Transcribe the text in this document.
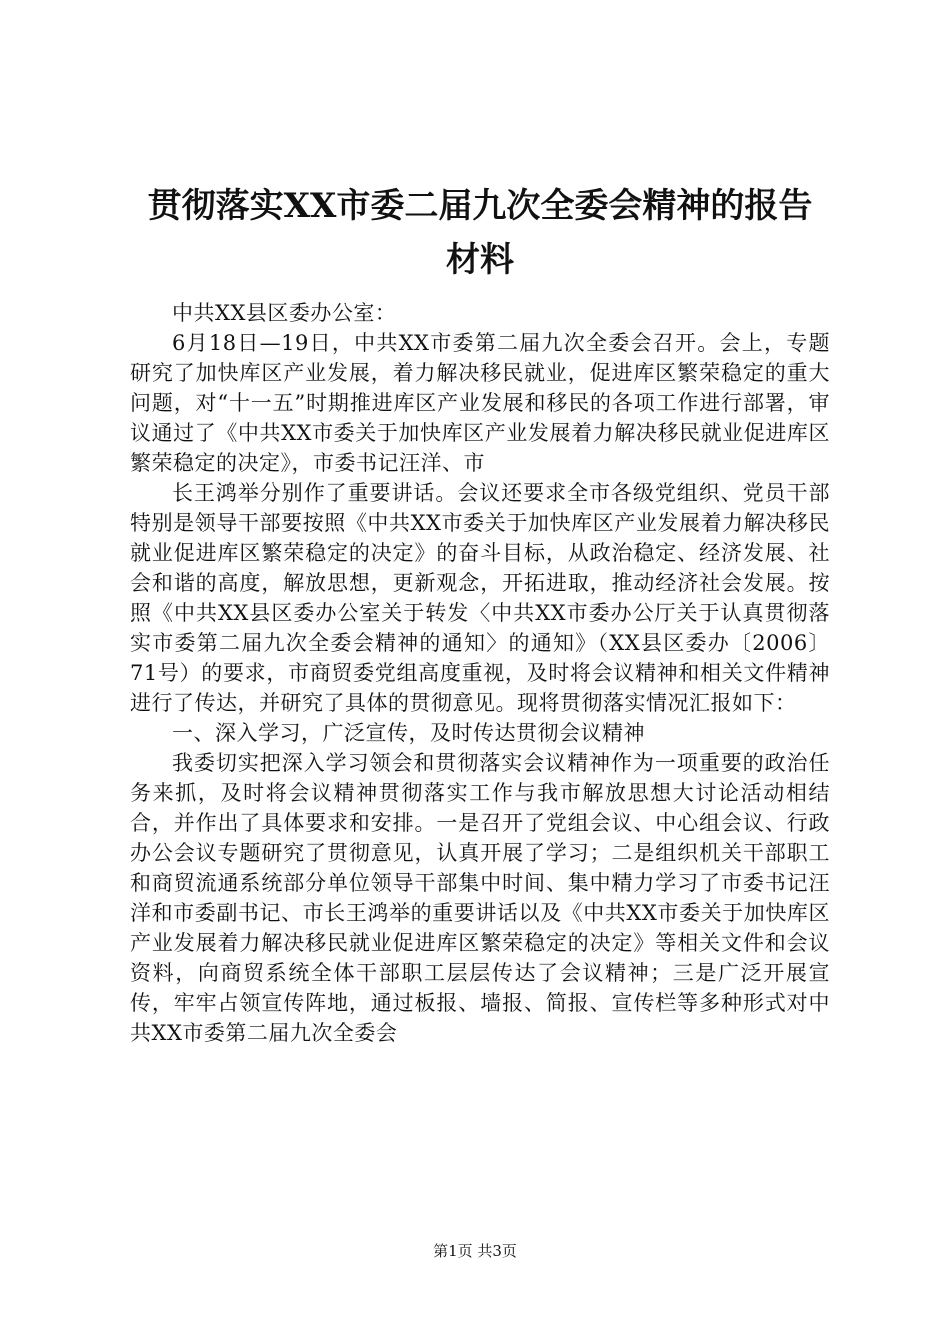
贯彻落实XX市委二届九次全委会精神的报告
材料

中共XX县区委办公室：

6月18日—19日，中共XX市委第二届九次全委会召开。会上，专题研究了加快库区产业发展，着力解决移民就业，促进库区繁荣稳定的重大问题，对“十一五”时期推进库区产业发展和移民的各项工作进行部署，审议通过了《中共XX市委关于加快库区产业发展着力解决移民就业促进库区繁荣稳定的决定》，市委书记汪洋、市

长王鸿举分别作了重要讲话。会议还要求全市各级党组织、党员干部特别是领导干部要按照《中共XX市委关于加快库区产业发展着力解决移民就业促进库区繁荣稳定的决定》的奋斗目标，从政治稳定、经济发展、社会和谐的高度，解放思想，更新观念，开拓进取，推动经济社会发展。按照《中共XX县区委办公室关于转发〈中共XX市委办公厅关于认真贯彻落实市委第二届九次全委会精神的通知〉的通知》（XX县区委办〔2006〕71号）的要求，市商贸委党组高度重视，及时将会议精神和相关文件精神进行了传达，并研究了具体的贯彻意见。现将贯彻落实情况汇报如下：

一、深入学习，广泛宣传，及时传达贯彻会议精神

我委切实把深入学习领会和贯彻落实会议精神作为一项重要的政治任务来抓，及时将会议精神贯彻落实工作与我市解放思想大讨论活动相结合，并作出了具体要求和安排。一是召开了党组会议、中心组会议、行政办公会议专题研究了贯彻意见，认真开展了学习；二是组织机关干部职工和商贸流通系统部分单位领导干部集中时间、集中精力学习了市委书记汪洋和市委副书记、市长王鸿举的重要讲话以及《中共XX市委关于加快库区产业发展着力解决移民就业促进库区繁荣稳定的决定》等相关文件和会议资料，向商贸系统全体干部职工层层传达了会议精神；三是广泛开展宣传，牢牢占领宣传阵地，通过板报、墙报、简报、宣传栏等多种形式对中共XX市委第二届九次全委会

第1页 共3页
